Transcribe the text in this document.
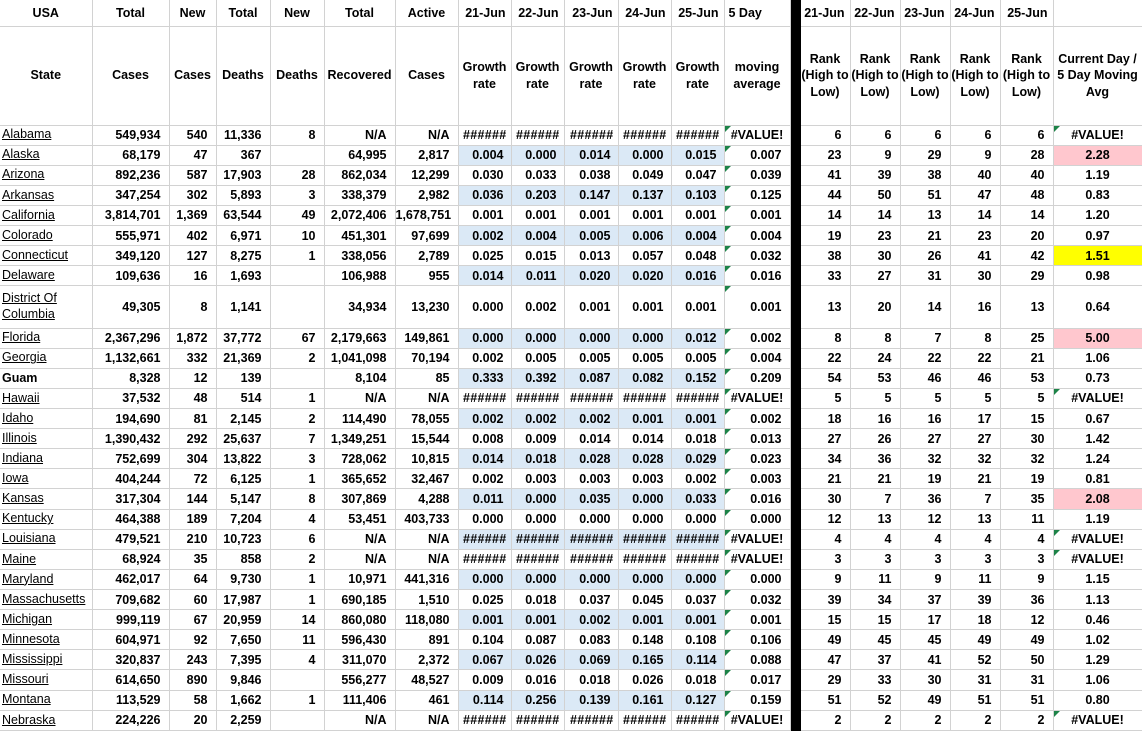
USA	Total	New	Total	New	Total	Active	21-Jun	22-Jun	23-Jun	24-Jun	25-Jun	5 Day		21-Jun	22-Jun	23-Jun	24-Jun	25-Jun	
State	Cases	Cases	Deaths	Deaths	Recovered	Cases	Growth rate	Growth rate	Growth rate	Growth rate	Growth rate	moving average		Rank (High to Low)	Rank (High to Low)	Rank (High to Low)	Rank (High to Low)	Rank (High to Low)	Current Day / 5 Day Moving Avg
Alabama	549,934	540	11,336	8	N/A	N/A	######	######	######	######	######	#VALUE!		6	6	6	6	6	#VALUE!
Alaska	68,179	47	367		64,995	2,817	0.004	0.000	0.014	0.000	0.015	0.007		23	9	29	9	28	2.28
Arizona	892,236	587	17,903	28	862,034	12,299	0.030	0.033	0.038	0.049	0.047	0.039		41	39	38	40	40	1.19
Arkansas	347,254	302	5,893	3	338,379	2,982	0.036	0.203	0.147	0.137	0.103	0.125		44	50	51	47	48	0.83
California	3,814,701	1,369	63,544	49	2,072,406	1,678,751	0.001	0.001	0.001	0.001	0.001	0.001		14	14	13	14	14	1.20
Colorado	555,971	402	6,971	10	451,301	97,699	0.002	0.004	0.005	0.006	0.004	0.004		19	23	21	23	20	0.97
Connecticut	349,120	127	8,275	1	338,056	2,789	0.025	0.015	0.013	0.057	0.048	0.032		38	30	26	41	42	1.51
Delaware	109,636	16	1,693		106,988	955	0.014	0.011	0.020	0.020	0.016	0.016		33	27	31	30	29	0.98
District Of Columbia	49,305	8	1,141		34,934	13,230	0.000	0.002	0.001	0.001	0.001	0.001		13	20	14	16	13	0.64
Florida	2,367,296	1,872	37,772	67	2,179,663	149,861	0.000	0.000	0.000	0.000	0.012	0.002		8	8	7	8	25	5.00
Georgia	1,132,661	332	21,369	2	1,041,098	70,194	0.002	0.005	0.005	0.005	0.005	0.004		22	24	22	22	21	1.06
Guam	8,328	12	139		8,104	85	0.333	0.392	0.087	0.082	0.152	0.209		54	53	46	46	53	0.73
Hawaii	37,532	48	514	1	N/A	N/A	######	######	######	######	######	#VALUE!		5	5	5	5	5	#VALUE!
Idaho	194,690	81	2,145	2	114,490	78,055	0.002	0.002	0.002	0.001	0.001	0.002		18	16	16	17	15	0.67
Illinois	1,390,432	292	25,637	7	1,349,251	15,544	0.008	0.009	0.014	0.014	0.018	0.013		27	26	27	27	30	1.42
Indiana	752,699	304	13,822	3	728,062	10,815	0.014	0.018	0.028	0.028	0.029	0.023		34	36	32	32	32	1.24
Iowa	404,244	72	6,125	1	365,652	32,467	0.002	0.003	0.003	0.003	0.002	0.003		21	21	19	21	19	0.81
Kansas	317,304	144	5,147	8	307,869	4,288	0.011	0.000	0.035	0.000	0.033	0.016		30	7	36	7	35	2.08
Kentucky	464,388	189	7,204	4	53,451	403,733	0.000	0.000	0.000	0.000	0.000	0.000		12	13	12	13	11	1.19
Louisiana	479,521	210	10,723	6	N/A	N/A	######	######	######	######	######	#VALUE!		4	4	4	4	4	#VALUE!
Maine	68,924	35	858	2	N/A	N/A	######	######	######	######	######	#VALUE!		3	3	3	3	3	#VALUE!
Maryland	462,017	64	9,730	1	10,971	441,316	0.000	0.000	0.000	0.000	0.000	0.000		9	11	9	11	9	1.15
Massachusetts	709,682	60	17,987	1	690,185	1,510	0.025	0.018	0.037	0.045	0.037	0.032		39	34	37	39	36	1.13
Michigan	999,119	67	20,959	14	860,080	118,080	0.001	0.001	0.002	0.001	0.001	0.001		15	15	17	18	12	0.46
Minnesota	604,971	92	7,650	11	596,430	891	0.104	0.087	0.083	0.148	0.108	0.106		49	45	45	49	49	1.02
Mississippi	320,837	243	7,395	4	311,070	2,372	0.067	0.026	0.069	0.165	0.114	0.088		47	37	41	52	50	1.29
Missouri	614,650	890	9,846		556,277	48,527	0.009	0.016	0.018	0.026	0.018	0.017		29	33	30	31	31	1.06
Montana	113,529	58	1,662	1	111,406	461	0.114	0.256	0.139	0.161	0.127	0.159		51	52	49	51	51	0.80
Nebraska	224,226	20	2,259		N/A	N/A	######	######	######	######	######	#VALUE!		2	2	2	2	2	#VALUE!
